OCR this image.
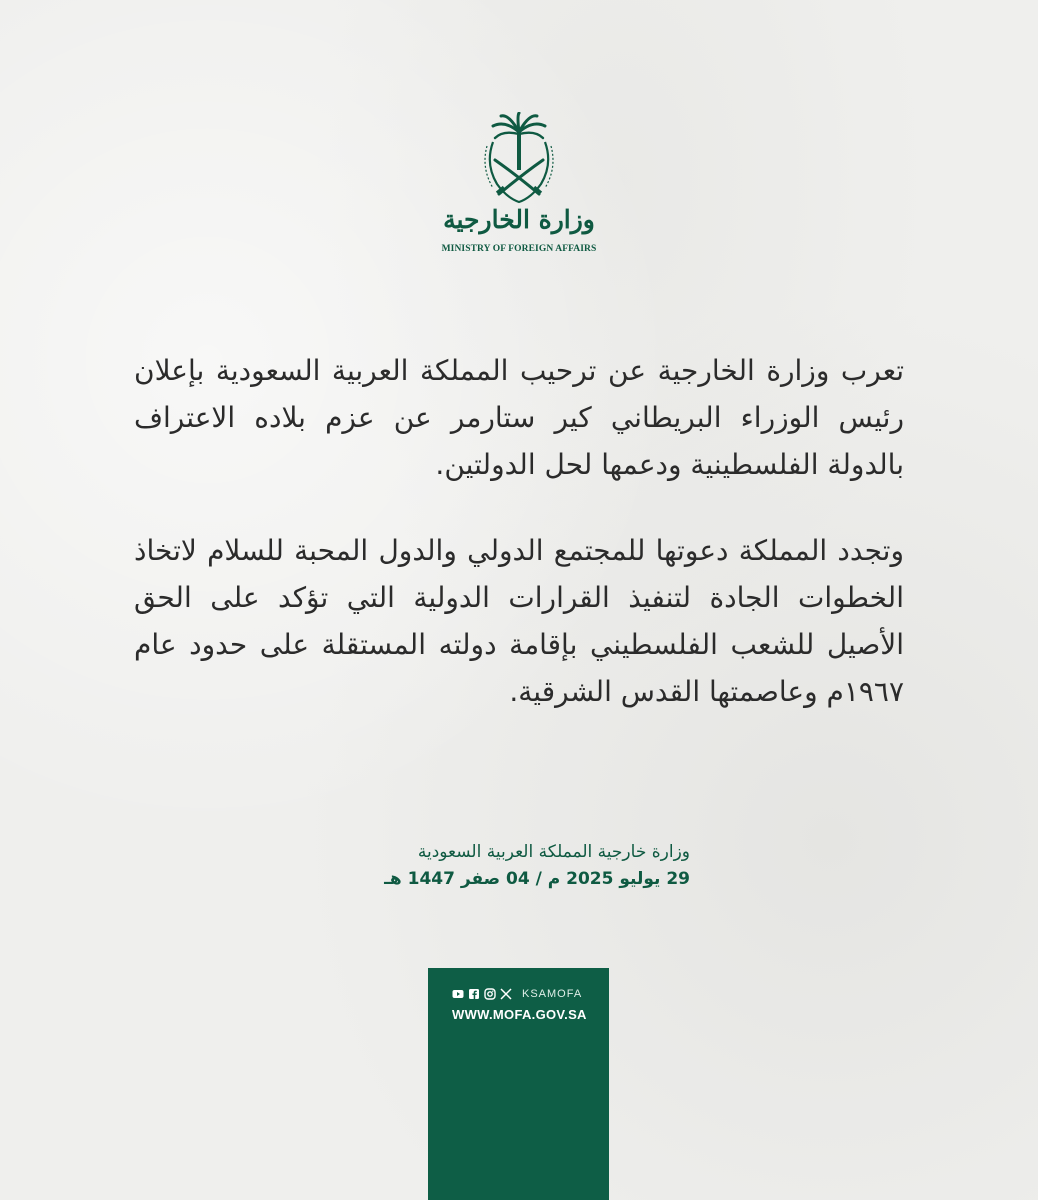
وزارة الخارجية
MINISTRY OF FOREIGN AFFAIRS

تعرب وزارة الخارجية عن ترحيب المملكة العربية السعودية بإعلان رئيس الوزراء البريطاني كير ستارمر عن عزم بلاده الاعتراف بالدولة الفلسطينية ودعمها لحل الدولتين.

وتجدد المملكة دعوتها للمجتمع الدولي والدول المحبة للسلام لاتخاذ الخطوات الجادة لتنفيذ القرارات الدولية التي تؤكد على الحق الأصيل للشعب الفلسطيني بإقامة دولته المستقلة على حدود عام ١٩٦٧م وعاصمتها القدس الشرقية.

وزارة خارجية المملكة العربية السعودية
29 يوليو 2025 م / 04 صفر 1447 هـ
KSAMOFA
WWW.MOFA.GOV.SA
